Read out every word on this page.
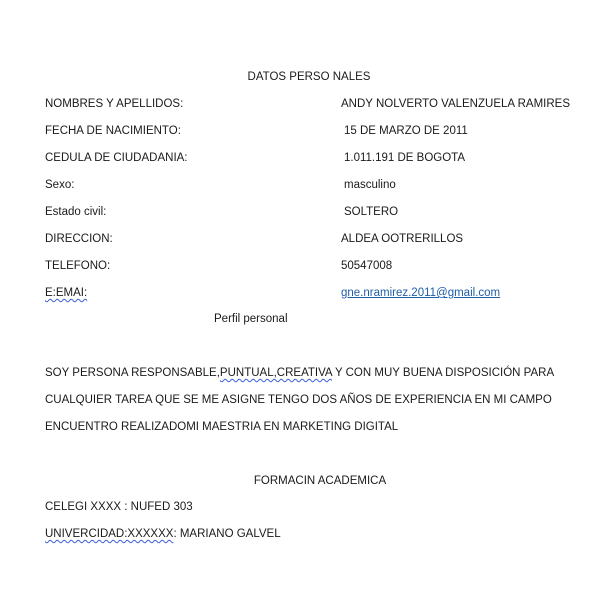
DATOS PERSO NALES
NOMBRES Y APELLIDOS:	ANDY NOLVERTO VALENZUELA RAMIRES
FECHA DE NACIMIENTO:	15 DE MARZO DE 2011
CEDULA DE CIUDADANIA:	1.011.191 DE BOGOTA
Sexo:	masculino
Estado civil:	SOLTERO
DIRECCION:	ALDEA OOTRERILLOS
TELEFONO:	50547008
E:EMAI:	gne.nramirez.2011@gmail.com
Perfil personal
SOY PERSONA RESPONSABLE,PUNTUAL,CREATIVA Y CON MUY BUENA DISPOSICIÓN PARA
CUALQUIER TAREA QUE SE ME ASIGNE TENGO DOS AÑOS DE EXPERIENCIA EN MI CAMPO
ENCUENTRO REALIZADOMI MAESTRIA EN MARKETING DIGITAL
FORMACIN ACADEMICA
CELEGI XXXX : NUFED 303
UNIVERCIDAD:XXXXXX: MARIANO GALVEL
